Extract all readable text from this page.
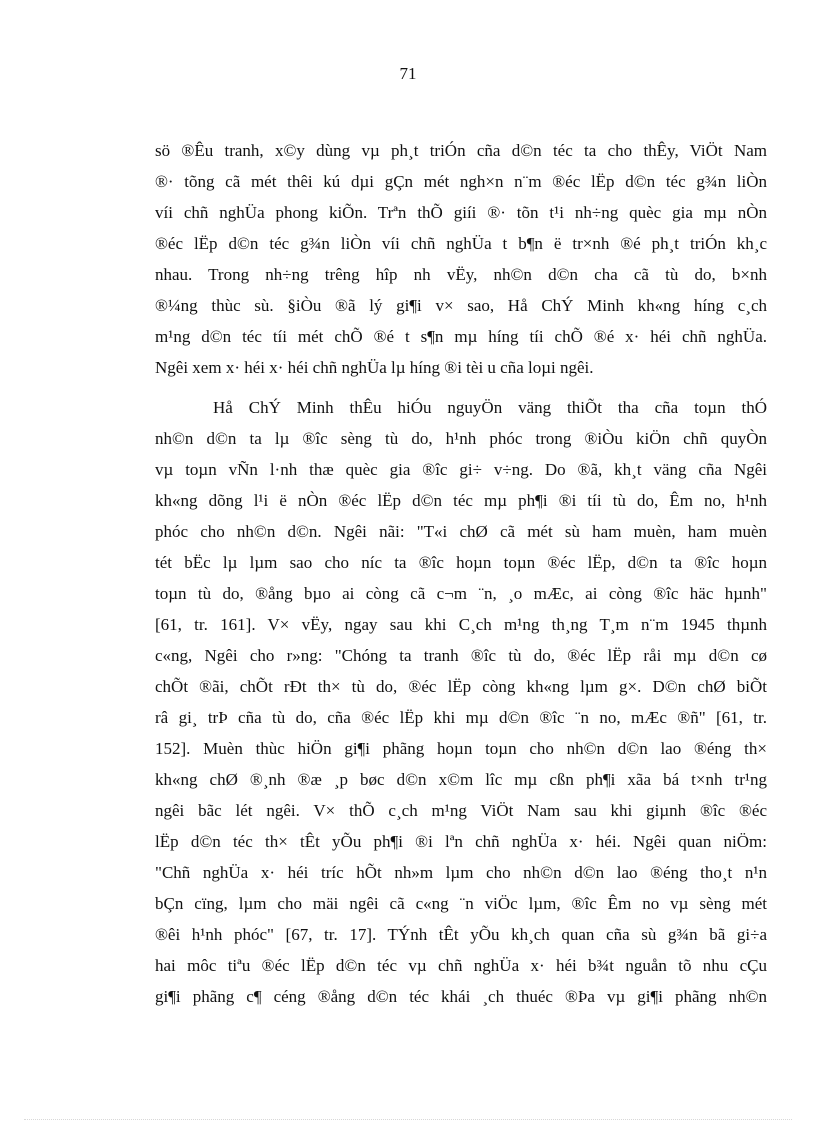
71

sö ®Êu tranh, x©y dùng vµ ph¸t triÓn cña d©n téc ta cho thÊy, ViÖt Nam
®· tõng cã mét thêi kú dµi gÇn mét ngh×n n¨m ®éc lËp d©n téc g¾n liÒn
víi chñ nghÜa phong kiÕn. Trªn thÕ giíi ®· tõn t¹i nh÷ng quèc gia mµ nÒn
®éc lËp d©n téc g¾n liÒn víi chñ nghÜa t b¶n ë tr×nh ®é ph¸t triÓn kh¸c
nhau. Trong nh÷ng trêng hîp nh vËy, nh©n d©n cha cã tù do, b×nh
®¼ng thùc sù. §iÒu ®ã lý gi¶i v× sao, Hå ChÝ Minh kh«ng híng c¸ch
m¹ng d©n téc tíi mét chÕ ®é t s¶n mµ híng tíi chÕ ®é x· héi chñ nghÜa.
Ngêi xem x· héi x· héi chñ nghÜa lµ híng ®i tèi u cña loµi ngêi.

Hå ChÝ Minh thÊu hiÓu nguyÖn väng thiÕt tha cña toµn thÓ
nh©n d©n ta lµ ®îc sèng tù do, h¹nh phóc trong ®iÒu kiÖn chñ quyÒn
vµ toµn vÑn l·nh thæ quèc gia ®îc gi÷ v÷ng. Do ®ã, kh¸t väng cña Ngêi
kh«ng dõng l¹i ë nÒn ®éc lËp d©n téc mµ ph¶i ®i tíi tù do, Êm no, h¹nh
phóc cho nh©n d©n. Ngêi nãi: "T«i chØ cã mét sù ham muèn, ham muèn
tét bËc lµ lµm sao cho níc ta ®îc hoµn toµn ®éc lËp, d©n ta ®îc hoµn
toµn tù do, ®ång bµo ai còng cã c¬m ¨n, ¸o mÆc, ai còng ®îc häc hµnh"
[61, tr. 161]. V× vËy, ngay sau khi C¸ch m¹ng th¸ng T¸m n¨m 1945 thµnh
c«ng, Ngêi cho r»ng: "Chóng ta tranh ®îc tù do, ®éc lËp råi mµ d©n cø
chÕt ®ãi, chÕt rÐt th× tù do, ®éc lËp còng kh«ng lµm g×. D©n chØ biÕt
râ gi¸ trÞ cña tù do, cña ®éc lËp khi mµ d©n ®îc ¨n no, mÆc ®ñ" [61, tr.
152]. Muèn thùc hiÖn gi¶i phãng hoµn toµn cho nh©n d©n lao ®éng th×
kh«ng chØ ®¸nh ®æ ¸p bøc d©n x©m lîc mµ cßn ph¶i xãa bá t×nh tr¹ng
ngêi bãc lét ngêi. V× thÕ c¸ch m¹ng ViÖt Nam sau khi giµnh ®îc ®éc
lËp d©n téc th× tÊt yÕu ph¶i ®i lªn chñ nghÜa x· héi. Ngêi quan niÖm:
"Chñ nghÜa x· héi tríc hÕt nh»m lµm cho nh©n d©n lao ®éng tho¸t n¹n
bÇn cïng, lµm cho mäi ngêi cã c«ng ¨n viÖc lµm, ®îc Êm no vµ sèng mét
®êi h¹nh phóc" [67, tr. 17]. TÝnh tÊt yÕu kh¸ch quan cña sù g¾n bã gi÷a
hai môc tiªu ®éc lËp d©n téc vµ chñ nghÜa x· héi b¾t nguån tõ nhu cÇu
gi¶i phãng c¶ céng ®ång d©n téc khái ¸ch thuéc ®Þa vµ gi¶i phãng nh©n
